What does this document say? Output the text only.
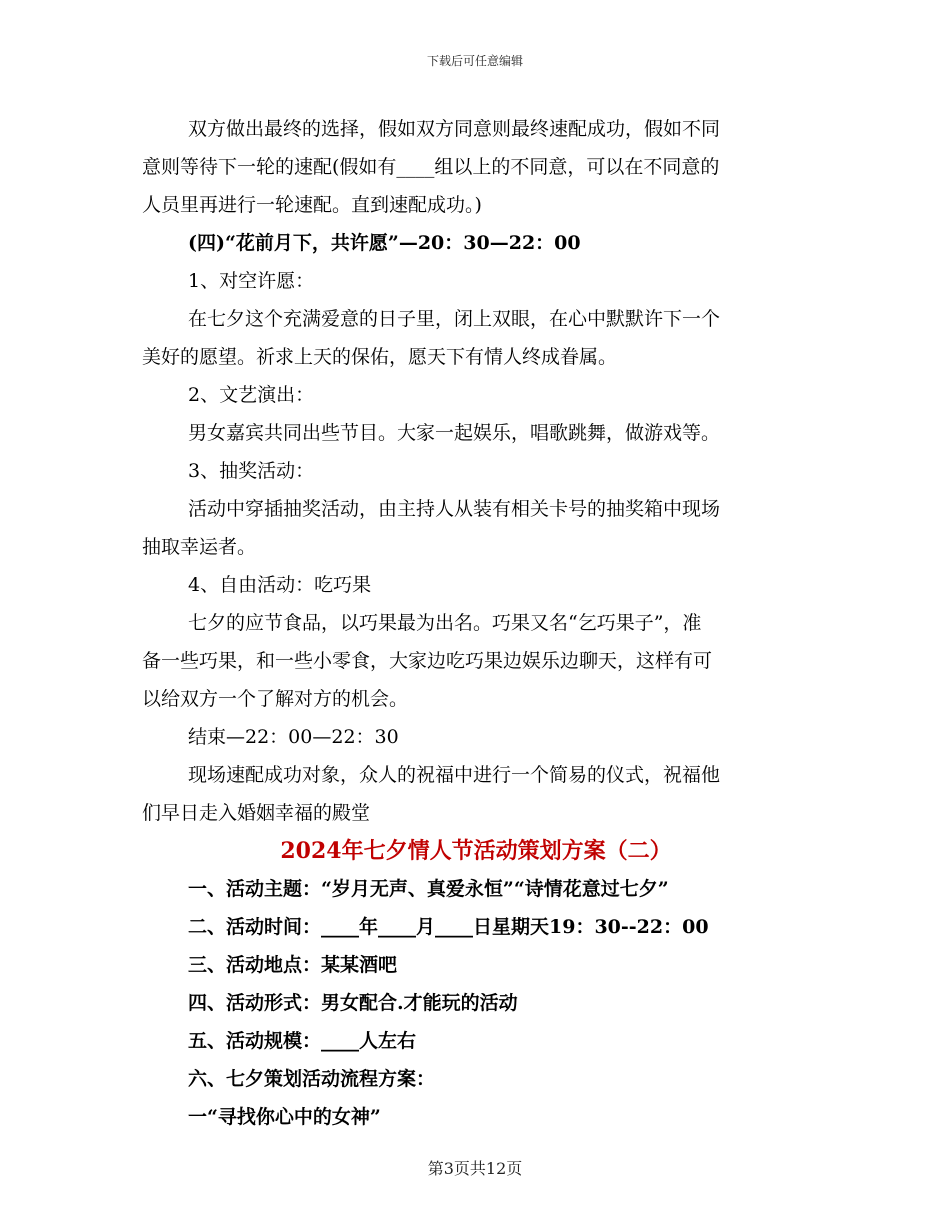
下载后可任意编辑

双方做出最终的选择，假如双方同意则最终速配成功，假如不同

意则等待下一轮的速配(假如有____组以上的不同意，可以在不同意的

人员里再进行一轮速配。直到速配成功。)

(四)“花前月下，共许愿”—20：30—22：00

1、对空许愿：

在七夕这个充满爱意的日子里，闭上双眼，在心中默默许下一个

美好的愿望。祈求上天的保佑，愿天下有情人终成眷属。

2、文艺演出：

男女嘉宾共同出些节目。大家一起娱乐，唱歌跳舞，做游戏等。

3、抽奖活动：

活动中穿插抽奖活动，由主持人从装有相关卡号的抽奖箱中现场

抽取幸运者。

4、自由活动：吃巧果

七夕的应节食品，以巧果最为出名。巧果又名“乞巧果子”，准

备一些巧果，和一些小零食，大家边吃巧果边娱乐边聊天，这样有可

以给双方一个了解对方的机会。

结束—22：00—22：30

现场速配成功对象，众人的祝福中进行一个简易的仪式，祝福他

们早日走入婚姻幸福的殿堂

2024年七夕情人节活动策划方案（二）

一、活动主题：“岁月无声、真爱永恒”“诗情花意过七夕”

二、活动时间：____年____月____日星期天19：30--22：00

三、活动地点：某某酒吧

四、活动形式：男女配合.才能玩的活动

五、活动规模：____人左右

六、七夕策划活动流程方案：

一“寻找你心中的女神”

第3页共12页
